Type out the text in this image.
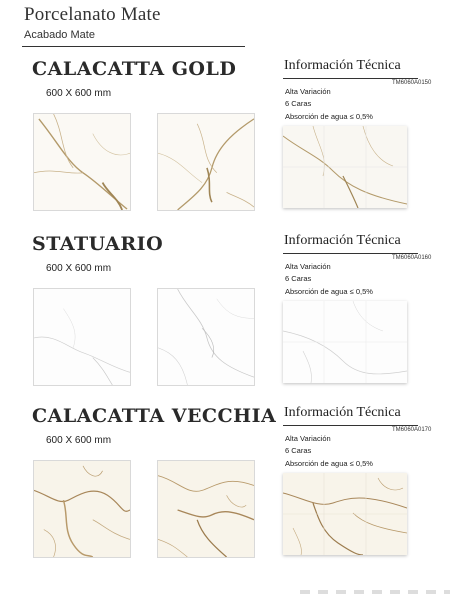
Porcelanato Mate
Acabado Mate
CALACATTA GOLD
600 X 600 mm
Información Técnica
TM6060A0150
Alta Variación
6 Caras
Absorción de agua ≤ 0,5%
STATUARIO
600 X 600 mm
Información Técnica
TM6060A0160
Alta Variación
6 Caras
Absorción de agua ≤ 0,5%
CALACATTA VECCHIA
600 X 600 mm
Información Técnica
TM6060A0170
Alta Variación
6 Caras
Absorción de agua ≤ 0,5%
